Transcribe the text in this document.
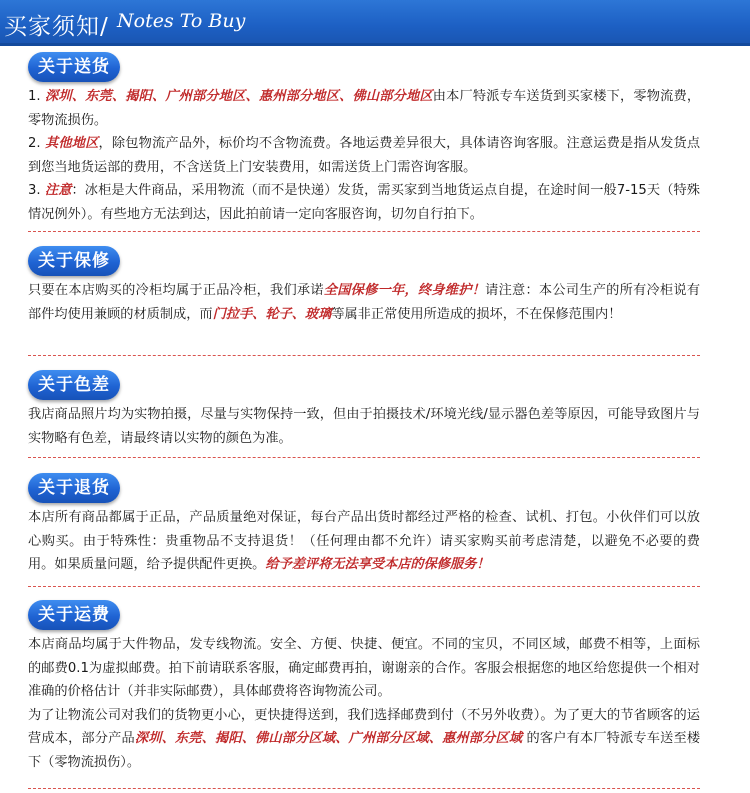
买家须知/ Notes To Buy
关于送货

1. 深圳、东莞、揭阳、广州部分地区、惠州部分地区、佛山部分地区由本厂特派专车送货到买家楼下，零物流费，零物流损伤。

2. 其他地区，除包物流产品外，标价均不含物流费。各地运费差异很大，具体请咨询客服。注意运费是指从发货点到您当地货运部的费用，不含送货上门安装费用，如需送货上门需咨询客服。

3. 注意：冰柜是大件商品，采用物流（而不是快递）发货，需买家到当地货运点自提，在途时间一般7-15天（特殊情况例外）。有些地方无法到达，因此拍前请一定向客服咨询，切勿自行拍下。

关于保修

只要在本店购买的冷柜均属于正品冷柜，我们承诺全国保修一年，终身维护！请注意：本公司生产的所有冷柜说有部件均使用兼顾的材质制成，而门拉手、轮子、玻璃等属非正常使用所造成的损坏，不在保修范围内！

关于色差

我店商品照片均为实物拍摄，尽量与实物保持一致，但由于拍摄技术/环境光线/显示器色差等原因，可能导致图片与实物略有色差，请最终请以实物的颜色为准。

关于退货

本店所有商品都属于正品，产品质量绝对保证，每台产品出货时都经过严格的检查、试机、打包。小伙伴们可以放心购买。由于特殊性：贵重物品不支持退货！（任何理由都不允许）请买家购买前考虑清楚，以避免不必要的费用。如果质量问题，给予提供配件更换。给予差评将无法享受本店的保修服务！

关于运费

本店商品均属于大件物品，发专线物流。安全、方便、快捷、便宜。不同的宝贝，不同区域，邮费不相等，上面标的邮费0.1为虚拟邮费。拍下前请联系客服，确定邮费再拍，谢谢亲的合作。客服会根据您的地区给您提供一个相对准确的价格估计（并非实际邮费），具体邮费将咨询物流公司。

为了让物流公司对我们的货物更小心，更快捷得送到，我们选择邮费到付（不另外收费）。为了更大的节省顾客的运营成本，部分产品深圳、东莞、揭阳、佛山部分区域、广州部分区域、惠州部分区域 的客户有本厂特派专车送至楼下（零物流损伤）。
